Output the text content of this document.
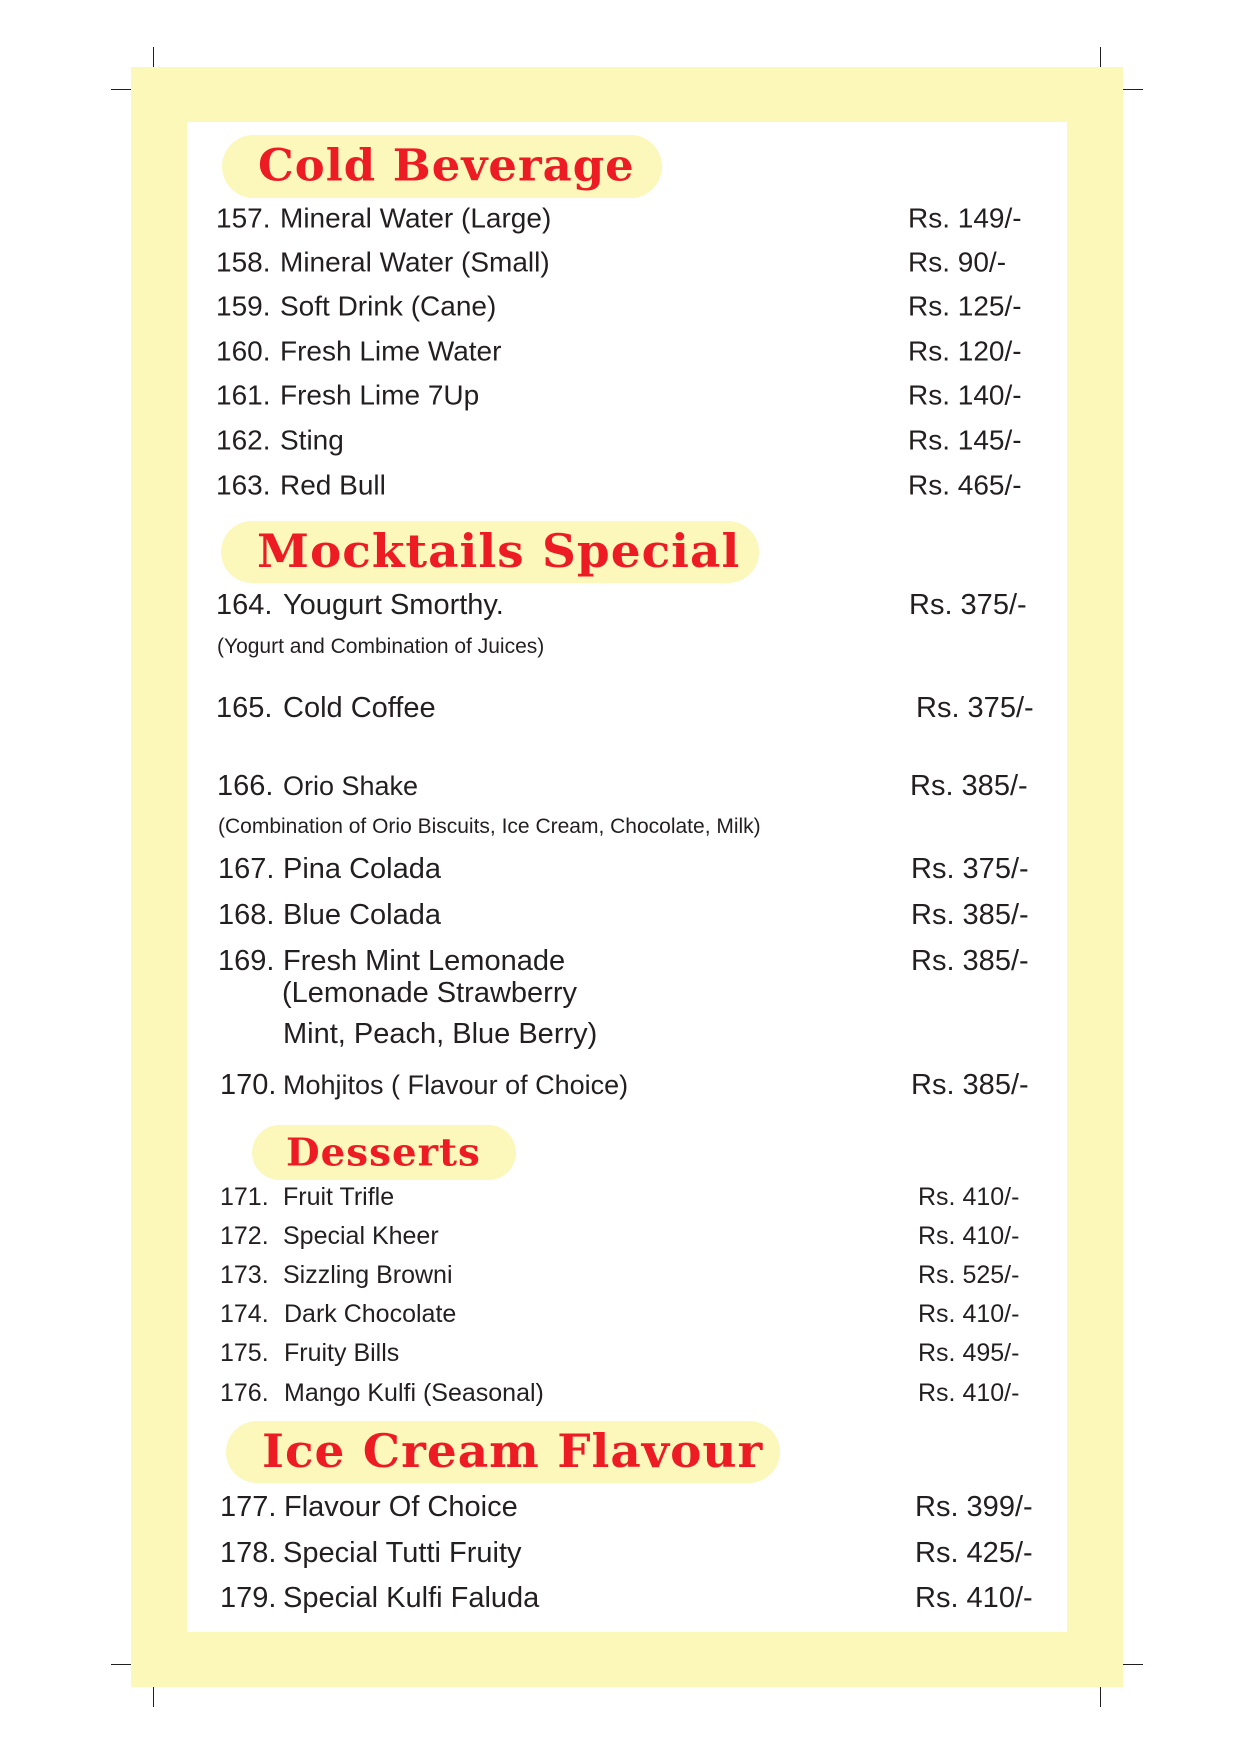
Cold Beverage
157. Mineral Water (Large)	Rs. 149/-
158. Mineral Water (Small)	Rs. 90/-
159. Soft Drink (Cane)	Rs. 125/-
160. Fresh Lime Water	Rs. 120/-
161. Fresh Lime 7Up	Rs. 140/-
162. Sting	Rs. 145/-
163. Red Bull	Rs. 465/-
Mocktails Special
164. Yougurt Smorthy.	Rs. 375/-
(Yogurt and Combination of Juices)
165. Cold Coffee	Rs. 375/-
166. Orio Shake	Rs. 385/-
(Combination of Orio Biscuits, Ice Cream, Chocolate, Milk)
167. Pina Colada	Rs. 375/-
168. Blue Colada	Rs. 385/-
169. Fresh Mint Lemonade	Rs. 385/-
(Lemonade Strawberry
Mint, Peach, Blue Berry)
170. Mohjitos ( Flavour of Choice)	Rs. 385/-
Desserts
171. Fruit Trifle	Rs. 410/-
172. Special Kheer	Rs. 410/-
173. Sizzling Browni	Rs. 525/-
174. Dark Chocolate	Rs. 410/-
175. Fruity Bills	Rs. 495/-
176. Mango Kulfi (Seasonal)	Rs. 410/-
Ice Cream Flavour
177. Flavour Of Choice	Rs. 399/-
178. Special Tutti Fruity	Rs. 425/-
179. Special Kulfi Faluda	Rs. 410/-
